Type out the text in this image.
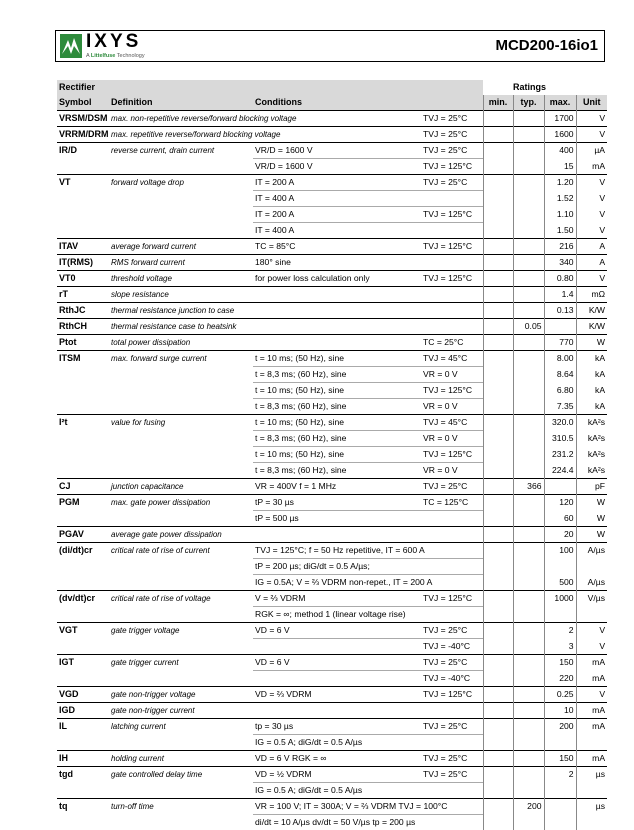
IXYS
A Littelfuse Technology
MCD200-16io1
Rectifier				Ratings			
Symbol	Definition	Conditions		min.	typ.	max.	Unit
VRSM/DSM	max. non-repetitive reverse/forward blocking voltage		TVJ = 25°C			1700	V
VRRM/DRM	max. repetitive reverse/forward blocking voltage		TVJ = 25°C			1600	V
IR/D	reverse current, drain current	VR/D = 1600 V	TVJ = 25°C			400	µA
		VR/D = 1600 V	TVJ = 125°C			15	mA
VT	forward voltage drop	IT = 200 A	TVJ = 25°C			1.20	V
		IT = 400 A				1.52	V
		IT = 200 A	TVJ = 125°C			1.10	V
		IT = 400 A				1.50	V
ITAV	average forward current	TC = 85°C	TVJ = 125°C			216	A
IT(RMS)	RMS forward current	180° sine				340	A
VT0	threshold voltage	for power loss calculation only	TVJ = 125°C			0.80	V
rT	slope resistance					1.4	mΩ
RthJC	thermal resistance junction to case					0.13	K/W
RthCH	thermal resistance case to heatsink				0.05		K/W
Ptot	total power dissipation		TC = 25°C			770	W
ITSM	max. forward surge current	t = 10 ms; (50 Hz), sine	TVJ = 45°C			8.00	kA
		t = 8,3 ms; (60 Hz), sine	VR = 0 V			8.64	kA
		t = 10 ms; (50 Hz), sine	TVJ = 125°C			6.80	kA
		t = 8,3 ms; (60 Hz), sine	VR = 0 V			7.35	kA
I²t	value for fusing	t = 10 ms; (50 Hz), sine	TVJ = 45°C			320.0	kA²s
		t = 8,3 ms; (60 Hz), sine	VR = 0 V			310.5	kA²s
		t = 10 ms; (50 Hz), sine	TVJ = 125°C			231.2	kA²s
		t = 8,3 ms; (60 Hz), sine	VR = 0 V			224.4	kA²s
CJ	junction capacitance	VR = 400V f = 1 MHz	TVJ = 25°C		366		pF
PGM	max. gate power dissipation	tP = 30 µs	TC = 125°C			120	W
		tP = 500 µs				60	W
PGAV	average gate power dissipation					20	W
(di/dt)cr	critical rate of rise of current	TVJ = 125°C; f = 50 Hz repetitive, IT = 600 A				100	A/µs
		tP = 200 µs; diG/dt = 0.5 A/µs;					
		IG = 0.5A; V = ⅔ VDRM non-repet., IT = 200 A				500	A/µs
(dv/dt)cr	critical rate of rise of voltage	V = ⅔ VDRM	TVJ = 125°C			1000	V/µs
		RGK = ∞; method 1 (linear voltage rise)					
VGT	gate trigger voltage	VD = 6 V	TVJ = 25°C			2	V
			TVJ = -40°C			3	V
IGT	gate trigger current	VD = 6 V	TVJ = 25°C			150	mA
			TVJ = -40°C			220	mA
VGD	gate non-trigger voltage	VD = ⅔ VDRM	TVJ = 125°C			0.25	V
IGD	gate non-trigger current					10	mA
IL	latching current	tp = 30 µs	TVJ = 25°C			200	mA
		IG = 0.5 A; diG/dt = 0.5 A/µs					
IH	holding current	VD = 6 V RGK = ∞	TVJ = 25°C			150	mA
tgd	gate controlled delay time	VD = ½ VDRM	TVJ = 25°C			2	µs
		IG = 0.5 A; diG/dt = 0.5 A/µs					
tq	turn-off time	VR = 100 V; IT = 300A; V = ⅔ VDRM TVJ = 100°C			200		µs
		di/dt = 10 A/µs dv/dt = 50 V/µs tp = 200 µs					
